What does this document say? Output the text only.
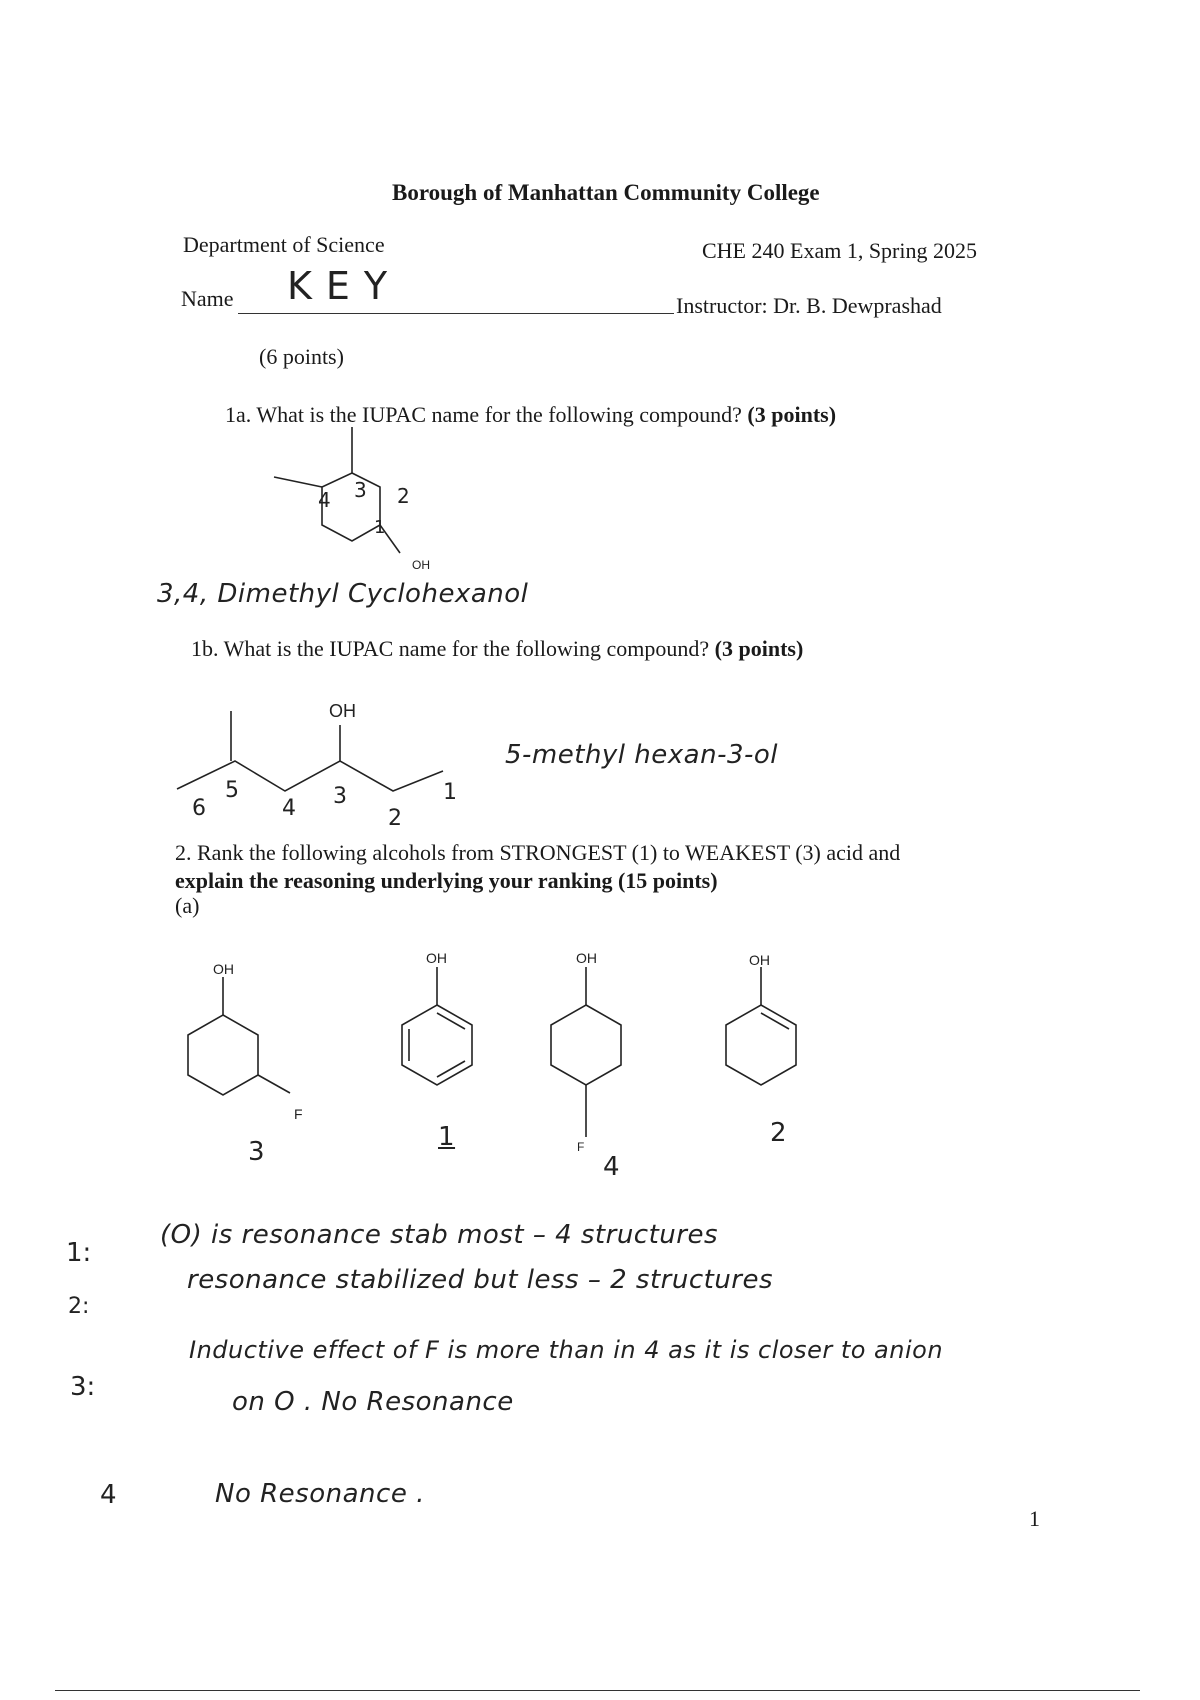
Borough of Manhattan Community College
Department of Science	CHE 240 Exam 1, Spring 2025
Name KEY	Instructor: Dr. B. Dewprashad
(6 points)
1a. What is the IUPAC name for the following compound? (3 points)
OH
4 3 2
1
3,4, Dimethyl Cyclohexanol
1b. What is the IUPAC name for the following compound? (3 points)
OH
6
5
4 3
2
1
5-methyl hexan-3-ol
2. Rank the following alcohols from STRONGEST (1) to WEAKEST (3) acid and
explain the reasoning underlying your ranking (15 points)
(a)
OH
F
3
OH
1
OH
F
4
OH
2
1:
(O) is resonance stab most – 4 structures
2:
resonance stabilized but less – 2 structures
3:
Inductive effect of F is more than in 4 as it is closer to anion
on O . No Resonance
4	No Resonance .
1
